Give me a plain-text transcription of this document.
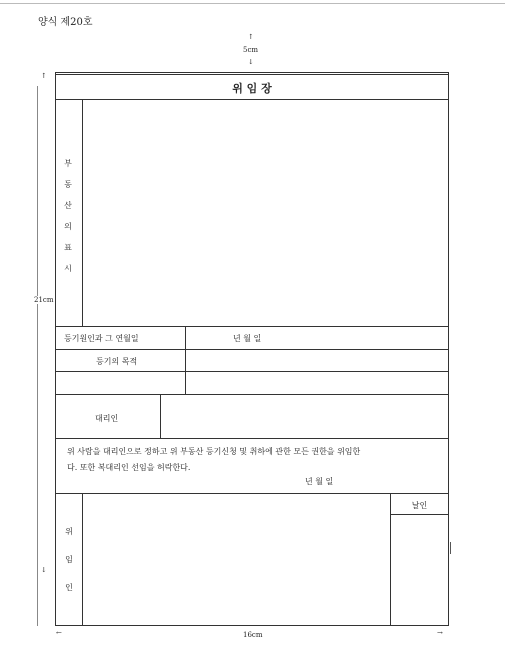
양식 제20호
↑
5cm
↓
↑
21cm
↓
←	16cm	→
위 임 장
부
동
산
의
표
시
등기원인과 그 연월일	년 월 일
등기의 목적
대리인
위 사람을 대리인으로 정하고 위 부동산 등기신청 및 취하에 관한 모든 권한을 위임한
다. 또한 복대리인 선임을 허락한다.
년 월 일
위
임
인
날인
